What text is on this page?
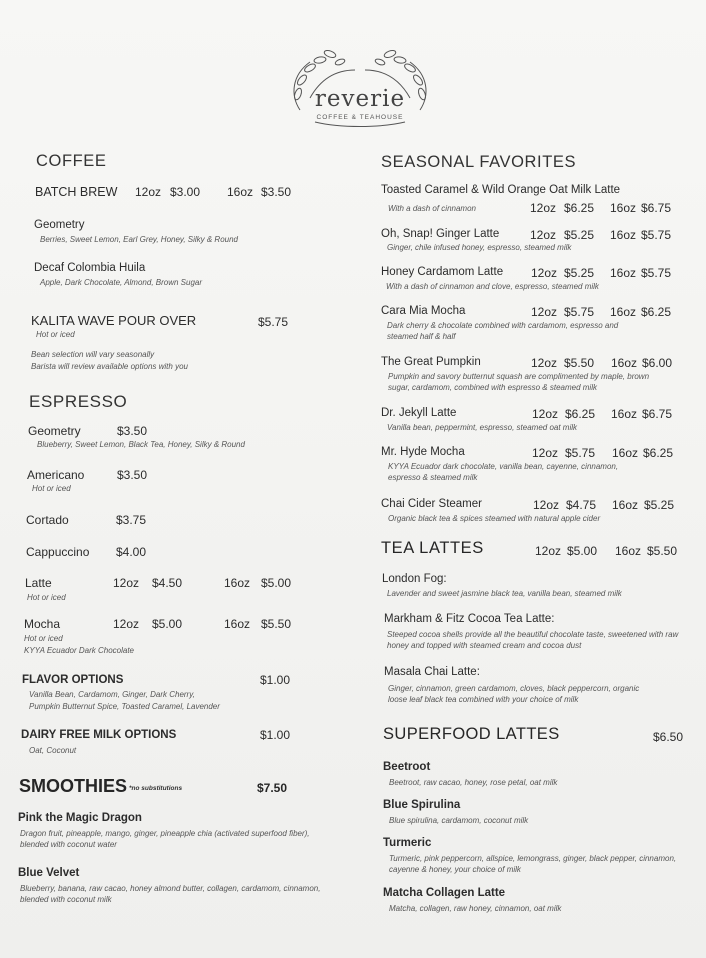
reverie
COFFEE & TEAHOUSE
COFFEE
BATCH BREW 12oz $3.00 16oz $3.50
Geometry
Berries, Sweet Lemon, Earl Grey, Honey, Silky & Round
Decaf Colombia Huila
Apple, Dark Chocolate, Almond, Brown Sugar
KALITA WAVE POUR OVER	$5.75
Hot or iced
Bean selection will vary seasonally
Barista will review available options with you
ESPRESSO
Geometry	$3.50
Blueberry, Sweet Lemon, Black Tea, Honey, Silky & Round
Americano	$3.50
Hot or iced
Cortado	$3.75
Cappuccino $4.00
Latte	12oz $4.50	16oz $5.00
Hot or iced
Mocha	12oz $5.00	16oz $5.50
Hot or iced
KYYA Ecuador Dark Chocolate
FLAVOR OPTIONS	$1.00
Vanilla Bean, Cardamom, Ginger, Dark Cherry,
Pumpkin Butternut Spice, Toasted Caramel, Lavender
DAIRY FREE MILK OPTIONS	$1.00
Oat, Coconut
SMOOTHIES *no substitutions	$7.50
Pink the Magic Dragon
Dragon fruit, pineapple, mango, ginger, pineapple chia (activated superfood fiber), blended with coconut water
Blue Velvet
Blueberry, banana, raw cacao, honey almond butter, collagen, cardamom, cinnamon, blended with coconut milk
SEASONAL FAVORITES
Toasted Caramel & Wild Orange Oat Milk Latte
With a dash of cinnamon	12oz $6.25 16oz $6.75
Oh, Snap! Ginger Latte
Ginger, chile infused honey, espresso, steamed milk
12oz $5.25 16oz $5.75
Honey Cardamom Latte
With a dash of cinnamon and clove, espresso, steamed milk
12oz $5.25 16oz $5.75
Cara Mia Mocha
Dark cherry & chocolate combined with cardamom, espresso and steamed half & half
12oz $5.75 16oz $6.25
The Great Pumpkin
Pumpkin and savory butternut squash are complimented by maple, brown sugar, cardamom, combined with espresso & steamed milk
12oz $5.50 16oz $6.00
Dr. Jekyll Latte
Vanilla bean, peppermint, espresso, steamed oat milk
12oz $6.25 16oz $6.75
Mr. Hyde Mocha
KYYA Ecuador dark chocolate, vanilla bean, cayenne, cinnamon, espresso & steamed milk
12oz $5.75 16oz $6.25
Chai Cider Steamer
Organic black tea & spices steamed with natural apple cider
12oz $4.75 16oz $5.25
TEA LATTES	12oz $5.00 16oz $5.50
London Fog:
Lavender and sweet jasmine black tea, vanilla bean, steamed milk
Markham & Fitz Cocoa Tea Latte:
Steeped cocoa shells provide all the beautiful chocolate taste, sweetened with raw honey and topped with steamed cream and cocoa dust
Masala Chai Latte:
Ginger, cinnamon, green cardamom, cloves, black peppercorn, organic loose leaf black tea combined with your choice of milk
SUPERFOOD LATTES	$6.50
Beetroot
Beetroot, raw cacao, honey, rose petal, oat milk
Blue Spirulina
Blue spirulina, cardamom, coconut milk
Turmeric
Turmeric, pink peppercorn, allspice, lemongrass, ginger, black pepper, cinnamon, cayenne & honey, your choice of milk
Matcha Collagen Latte
Matcha, collagen, raw honey, cinnamon, oat milk
